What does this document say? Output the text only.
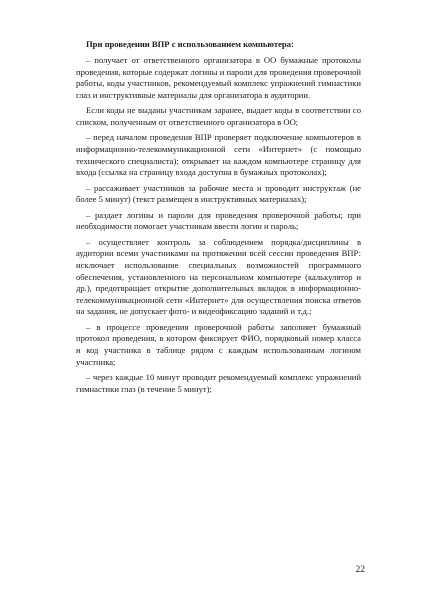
При проведении ВПР с использованием компьютера:

– получает от ответственного организатора в ОО бумажные протоколы проведения, которые содержат логины и пароли для проведения проверочной работы, коды участников, рекомендуемый комплекс упражнений гимнастики глаз и инструктивные материалы для организатора в аудитории.

Если коды не выданы участникам заранее, выдает коды в соответствии со списком, полученным от ответственного организатора в ОО;

– перед началом проведения ВПР проверяет подключение компьютеров в информационно-телекоммуникационной сети «Интернет» (с помощью технического специалиста); открывает на каждом компьютере страницу для входа (ссылка на страницу входа доступна в бумажных протоколах);

– рассаживает участников за рабочие места и проводит инструктаж (не более 5 минут) (текст размещен в инструктивных материалах);

– раздает логины и пароли для проведения проверочной работы; при необходимости помогает участникам ввести логин и пароль;

– осуществляет контроль за соблюдением порядка/дисциплины в аудитории всеми участниками на протяжении всей сессии проведения ВПР: исключает использование специальных возможностей программного обеспечения, установленного на персональном компьютере (калькулятор и др.), предотвращает открытие дополнительных вкладок в информационно-телекоммуникационной сети «Интернет» для осуществления поиска ответов на задания, не допускает фото- и видеофиксацию заданий и т.д.;

– в процессе проведения проверочной работы заполняет бумажный протокол проведения, в котором фиксирует ФИО, порядковый номер класса и код участника в таблице рядом с каждым использованным логином участника;

– через каждые 10 минут проводит рекомендуемый комплекс упражнений гимнастики глаз (в течение 5 минут);

22
